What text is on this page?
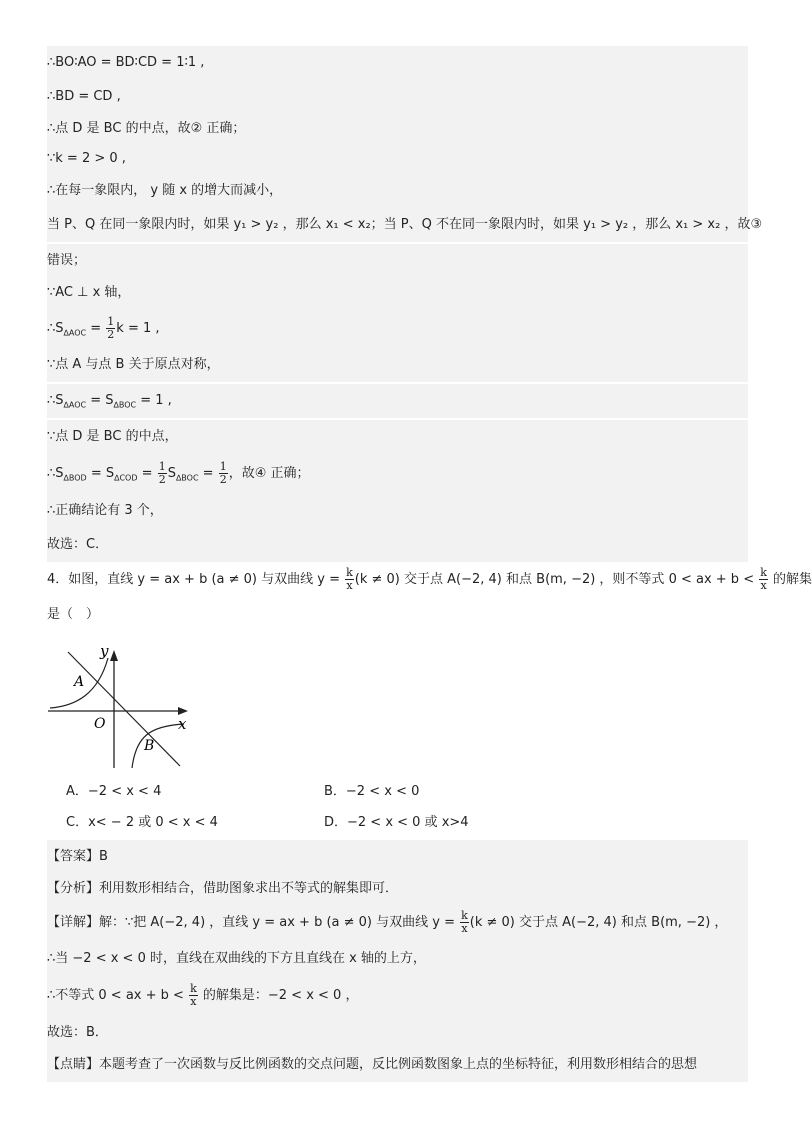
∴BO∶AO = BD∶CD = 1∶1 ,
∴BD = CD ,
∴点 D 是 BC 的中点，故② 正确；
∵k = 2 > 0 ,
∴在每一象限内， y 随 x 的增大而减小，
当 P、Q 在同一象限内时，如果 y₁ > y₂ ，那么 x₁ < x₂；当 P、Q 不在同一象限内时，如果 y₁ > y₂ ，那么 x₁ > x₂ ，故③
错误；
∵AC ⊥ x 轴，
$\therefore S_{\Delta AOC} = \frac{1}{2}$ k = 1 ,
∵点 A 与点 B 关于原点对称，
$\therefore S_{\Delta AOC} = S_{\Delta BOC} = 1$ ,
∵点 D 是 BC 的中点，
$\therefore S_{\Delta BOD} = S_{\Delta COD} = \frac{1}{2} S_{\Delta BOC} = \frac{1}{2}$ ，故④ 正确；
∴正确结论有 3 个，
故选：C．
4．如图，直线 y = ax + b (a ≠ 0) 与双曲线 $y = \frac{k}{x} (k \ne 0)$ 交于点 A(−2, 4) 和点 B(m, −2) ，则不等式 0 < ax + $b < \frac{k}{x}$ 的解集
是（　）
y
x
O
A
B
A．−2 < x < 4	B．−2 < x < 0
C．x< − 2 或 0 < x < 4	D．−2 < x < 0 或 x>4
【答案】B
【分析】利用数形相结合，借助图象求出不等式的解集即可．
【详解】解：∵把 A(−2, 4) ，直线 y = ax + b (a ≠ 0) 与双曲线 $y = \frac{k}{x} (k \ne 0)$ 交于点 A(−2, 4) 和点 B(m, −2) ，
∴当 −2 < x < 0 时，直线在双曲线的下方且直线在 x 轴的上方，
∴不等式 0 < ax + $b < \frac{k}{x}$ 的解集是：−2 < x < 0 ，
故选：B．
【点睛】本题考查了一次函数与反比例函数的交点问题，反比例函数图象上点的坐标特征，利用数形相结合的思想
